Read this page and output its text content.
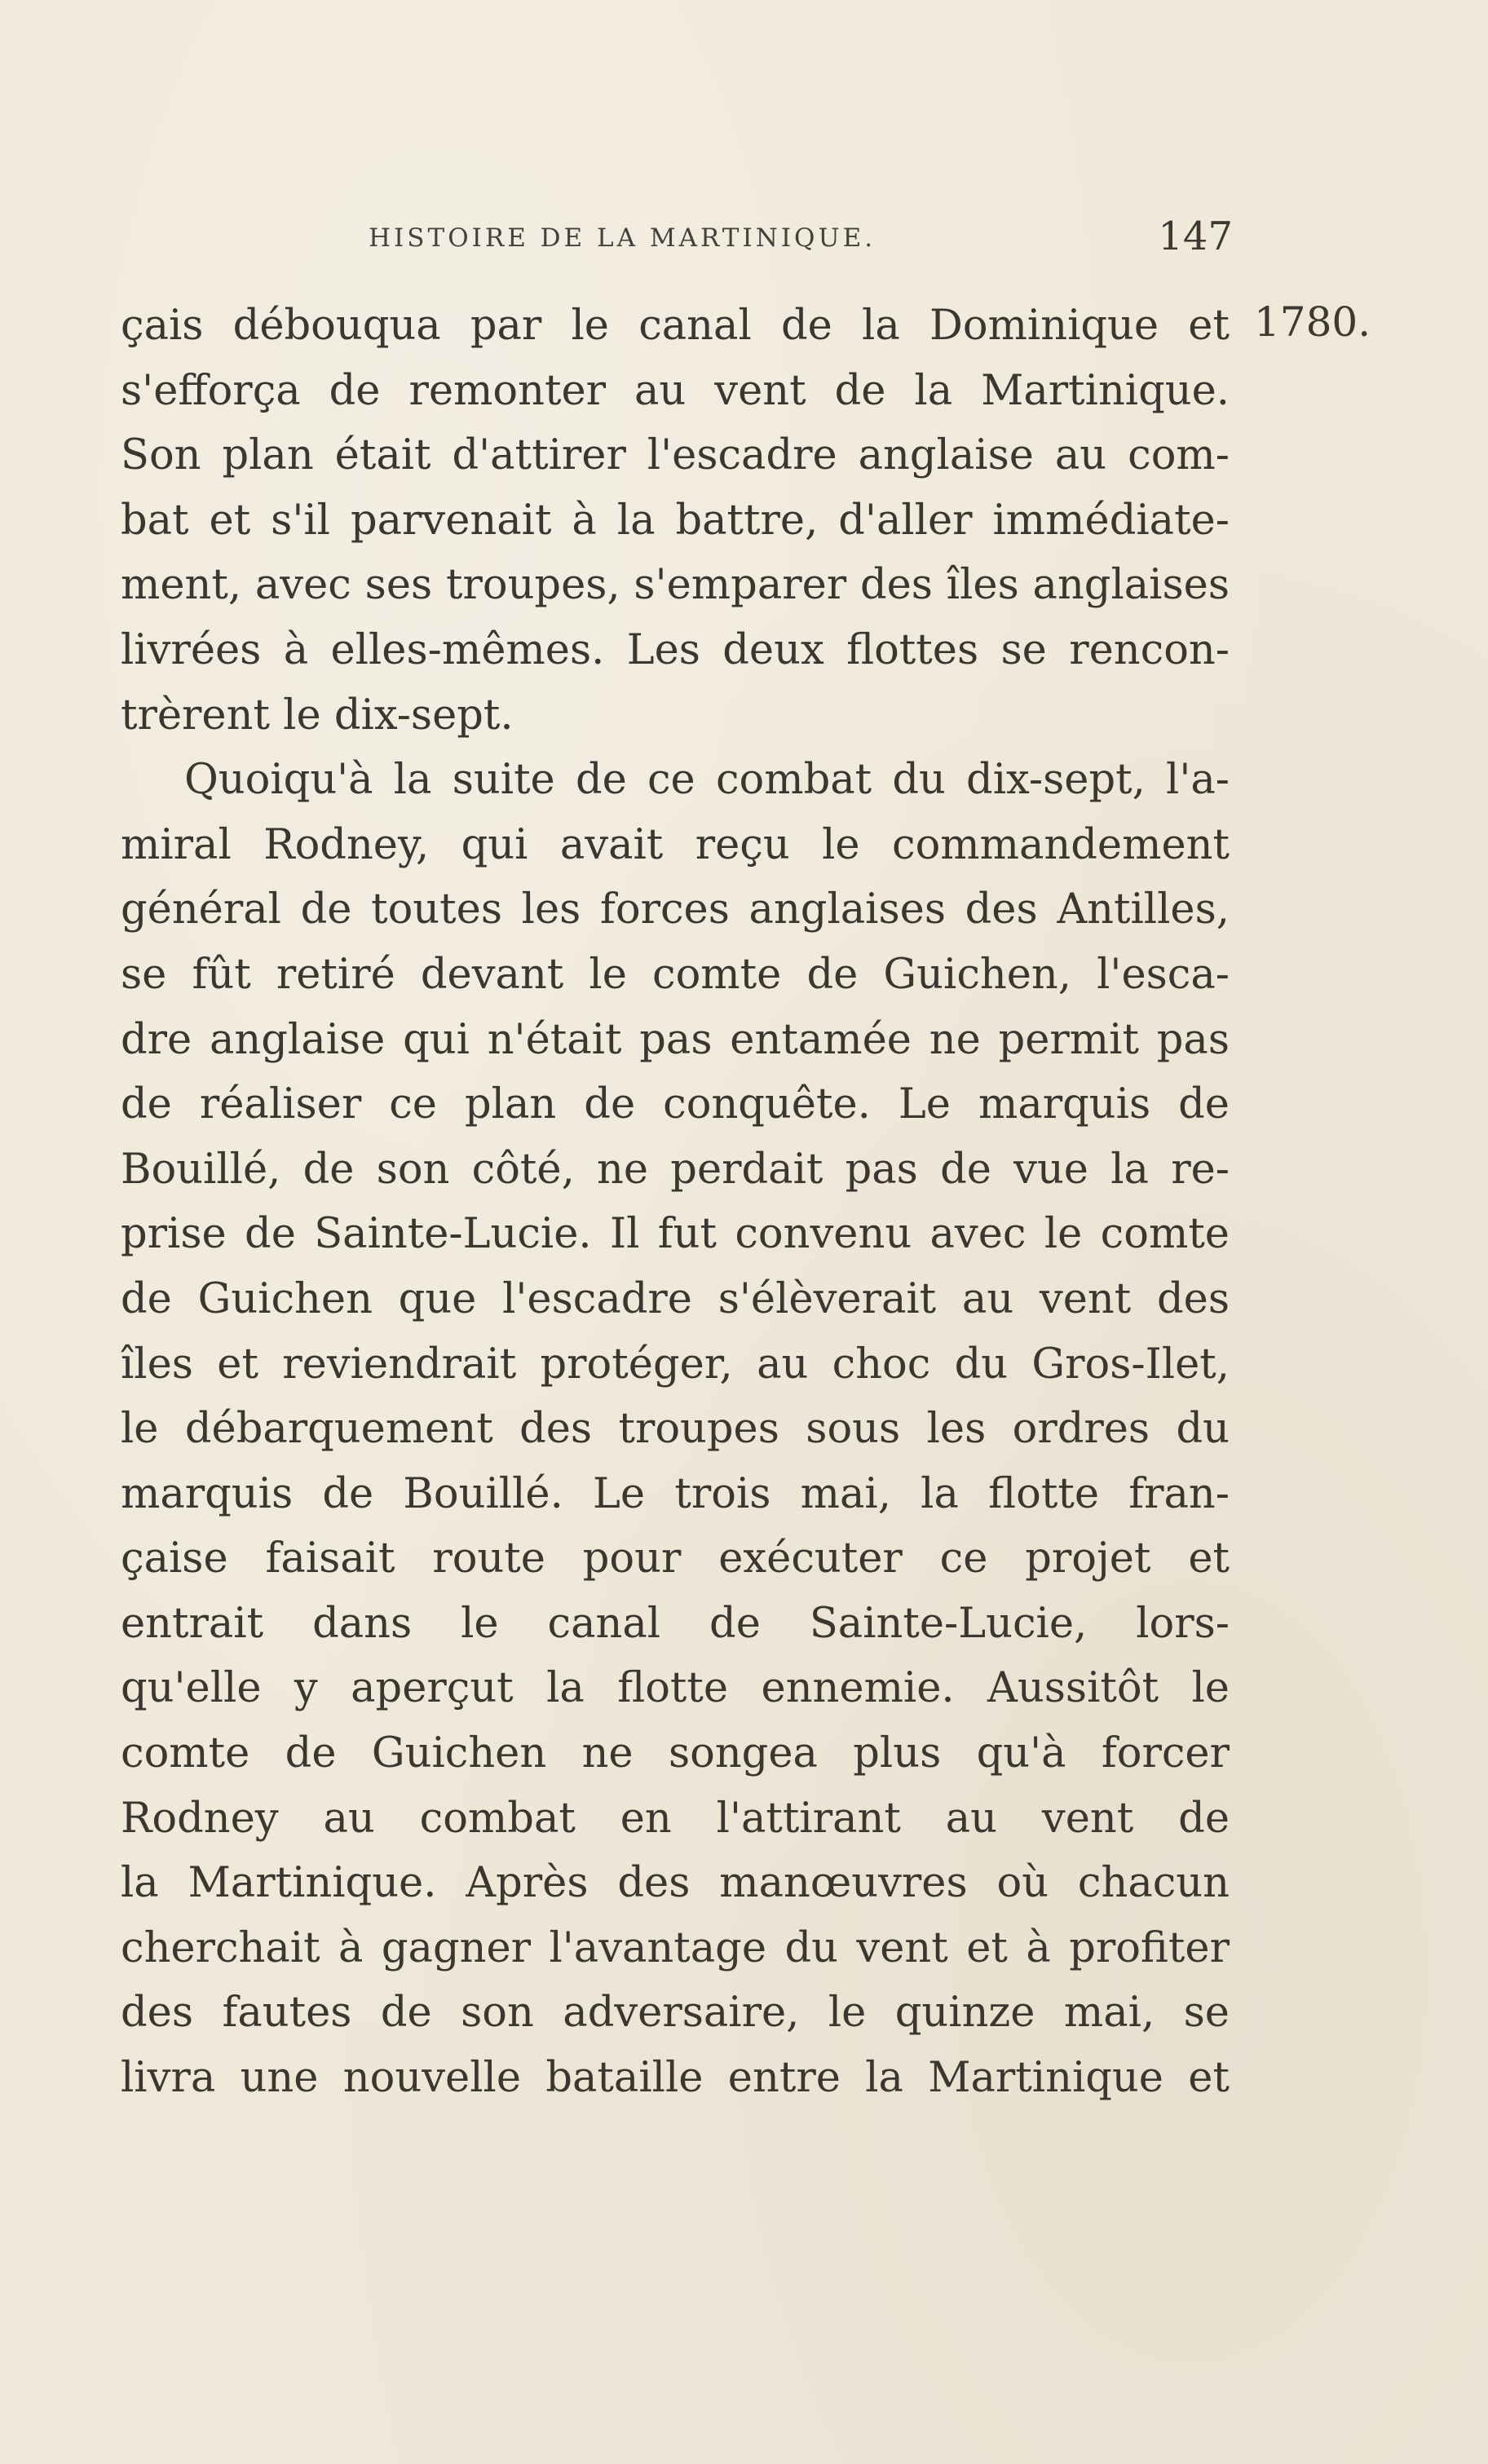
HISTOIRE DE LA MARTINIQUE.	147
1780.
çais débouqua par le canal de la Dominique et
s'efforça de remonter au vent de la Martinique.
Son plan était d'attirer l'escadre anglaise au com-
bat et s'il parvenait à la battre, d'aller immédiate-
ment, avec ses troupes, s'emparer des îles anglaises
livrées à elles-mêmes. Les deux flottes se rencon-
trèrent le dix-sept.
Quoiqu'à la suite de ce combat du dix-sept, l'a-
miral Rodney, qui avait reçu le commandement
général de toutes les forces anglaises des Antilles,
se fût retiré devant le comte de Guichen, l'esca-
dre anglaise qui n'était pas entamée ne permit pas
de réaliser ce plan de conquête. Le marquis de
Bouillé, de son côté, ne perdait pas de vue la re-
prise de Sainte-Lucie. Il fut convenu avec le comte
de Guichen que l'escadre s'élèverait au vent des
îles et reviendrait protéger, au choc du Gros-Ilet,
le débarquement des troupes sous les ordres du
marquis de Bouillé. Le trois mai, la flotte fran-
çaise faisait route pour exécuter ce projet et
entrait dans le canal de Sainte-Lucie, lors-
qu'elle y aperçut la flotte ennemie. Aussitôt le
comte de Guichen ne songea plus qu'à forcer
Rodney au combat en l'attirant au vent de
la Martinique. Après des manœuvres où chacun
cherchait à gagner l'avantage du vent et à profiter
des fautes de son adversaire, le quinze mai, se
livra une nouvelle bataille entre la Martinique et
